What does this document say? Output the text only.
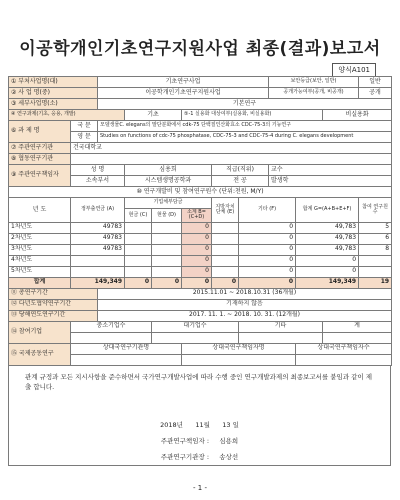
이공학개인기초연구지원사업 최종(결과)보고서
양식A101
① 부처사업명(대)		기초연구사업						보안등급(보안, 일반)			일반
② 사 업 명(중)		이공학개인기초연구지원사업						공개가능여부(공개, 비공개)			공개
③ 세부사업명(소)		기본연구									
④ 연구과제(기초, 응용, 개발)			기초		⑤-1 실용화 대상여부(실용화, 비실용화)					비실용화	
⑥ 과 제 명	국 문	모델생물C. elegans의 말단분화에서 cdk-75 단백질인산화효소 CDC-75-3의 기능연구									
	영 문	Studies on functions of cdc-75 phosphatase, CDC-75-3 and CDC-75-4 during C. elegans development									
⑦ 주관연구기관	건국대학교										
⑧ 협동연구기관											
⑨ 주관연구책임자	성 명		심용희			직급(직위)		교수			
	소속부서		시스템생명공학과			전 공		발생학			
⑩ 연구개발비 및 참여연구원수 (단위:천원, M/Y)											
년 도	정부출연금 (A)		기업체부담금			지방자치단체 (E)	기타 (F)		합계 G=(A+B+E+F)		참여 연구원수
			현금 (C)	현물 (D)	소계 B=(C+D)						
1차년도	49783				0		0		49,783		5
2차년도	49783				0		0		49,783		6
3차년도	49783				0		0		49,783		8
4차년도					0		0		0		
5차년도					0		0		0		
합계	149,349		0	0	0	0	0		149,349		19
⑪ 총연구기간		2015.11.01 ~ 2018.10.31 (36개월)									
⑫ 다년도협약연구기간		기재하지 않음									
⑬ 당해연도연구기간		2017. 11. 1. ~ 2018. 10. 31. (12개월)									
⑭ 참여기업	중소기업수			대기업수			기타			계	

⑮ 국제공동연구	상대국연구기관명				상대국연구책임자명				상대국연구책임자수		

관계 규정과 모든 지시사항을 준수하면서 국가연구개발사업에 따라 수행 중인 연구개발과제의 최종보고서를 붙임과 같이 제출 합니다.
2018년 11월 13 일
주관연구책임자 : 심용희
주관연구기관장 : 송상선
- 1 -
